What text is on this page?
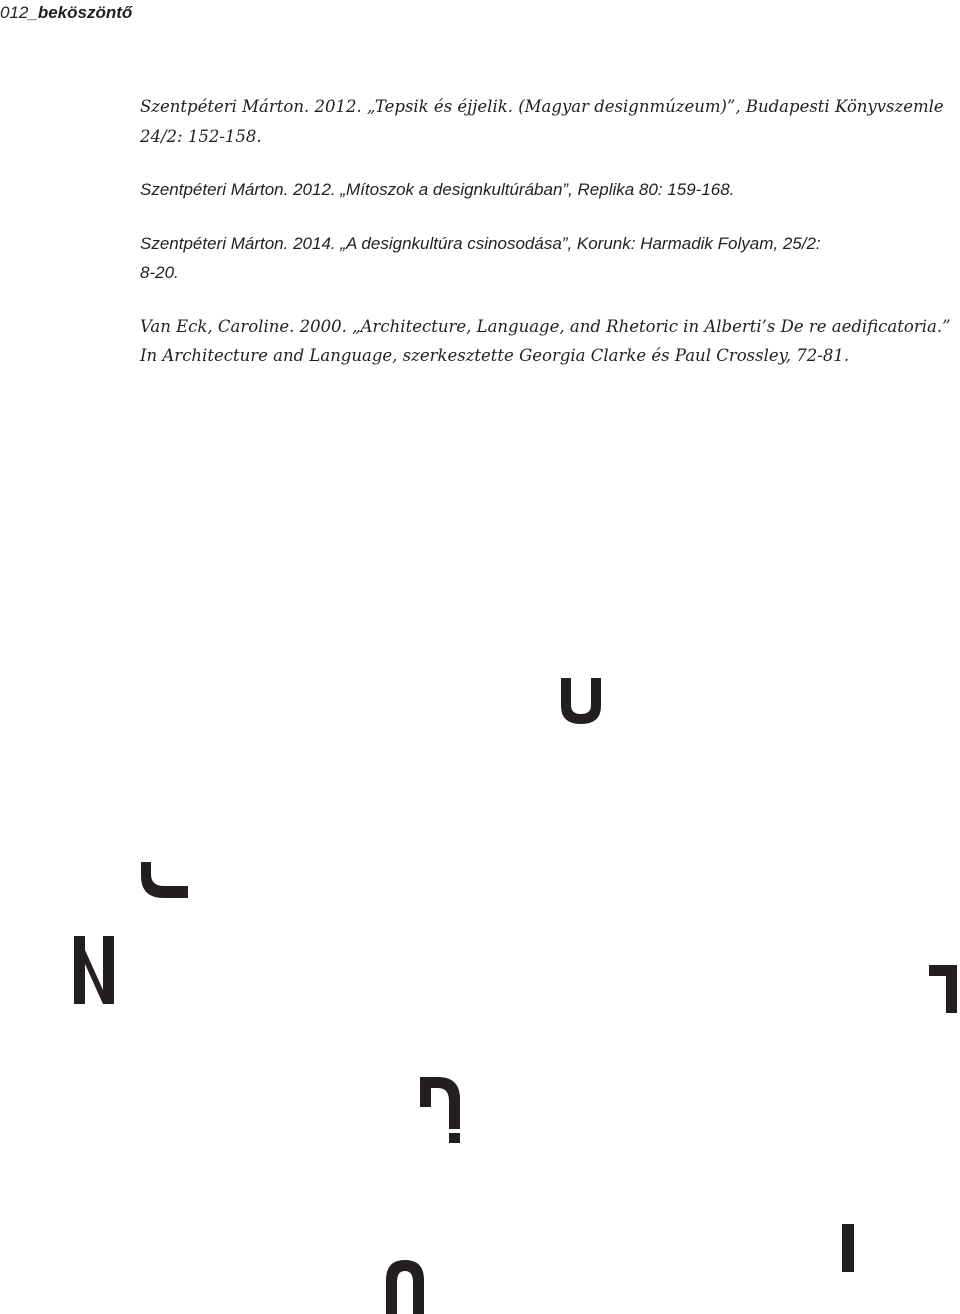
012_beköszöntő

Szentpéteri Márton. 2012. „Tepsik és éjjelik. (Magyar designmúzeum)”, Budapesti Könyvszemle
24/2: 152-158.

Szentpéteri Márton. 2012. „Mítoszok a designkultúrában”, Replika 80: 159-168.

Szentpéteri Márton. 2014. „A designkultúra csinosodása”, Korunk: Harmadik Folyam, 25/2:
8-20.

Van Eck, Caroline. 2000. „Architecture, Language, and Rhetoric in Alberti’s De re aedificatoria.”
In Architecture and Language, szerkesztette Georgia Clarke és Paul Crossley, 72-81.
